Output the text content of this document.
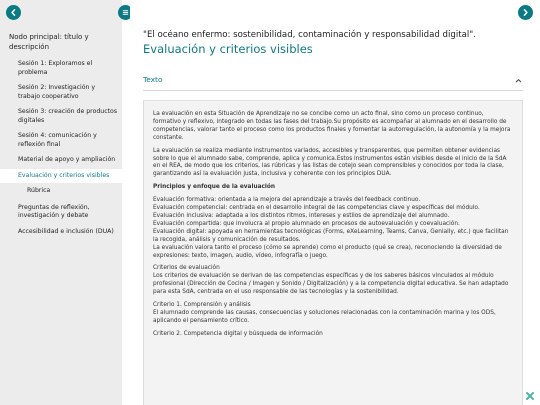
Nodo principal: título y descripción
Sesión 1: Exploramos el problema
Sesión 2: Investigación y trabajo cooperativo
Sesión 3: creación de productos digitales
Sesión 4: comunicación y reflexión final
Material de apoyo y ampliación
Evaluación y criterios visibles
Rúbrica
Preguntas de reflexión, investigación y debate
Accesibilidad e inclusión (DUA)
"El océano enfermo: sostenibilidad, contaminación y responsabilidad digital".
Evaluación y criterios visibles
Texto

La evaluación en esta Situación de Aprendizaje no se concibe como un acto final, sino como un proceso continuo, formativo y reflexivo, integrado en todas las fases del trabajo.Su propósito es acompañar al alumnado en el desarrollo de competencias, valorar tanto el proceso como los productos finales y fomentar la autorregulación, la autonomía y la mejora constante.

La evaluación se realiza mediante instrumentos variados, accesibles y transparentes, que permiten obtener evidencias sobre lo que el alumnado sabe, comprende, aplica y comunica.Estos instrumentos están visibles desde el inicio de la SdA en el REA, de modo que los criterios, las rúbricas y las listas de cotejo sean comprensibles y conocidos por toda la clase, garantizando así la evaluación justa, inclusiva y coherente con los principios DUA.

Principios y enfoque de la evaluación

Evaluación formativa: orientada a la mejora del aprendizaje a través del feedback continuo.

Evaluación competencial: centrada en el desarrollo integral de las competencias clave y específicas del módulo.

Evaluación inclusiva: adaptada a los distintos ritmos, intereses y estilos de aprendizaje del alumnado.

Evaluación compartida: que involucra al propio alumnado en procesos de autoevaluación y coevaluación.

Evaluación digital: apoyada en herramientas tecnológicas (Forms, eXeLearning, Teams, Canva, Genially, etc.) que facilitan la recogida, análisis y comunicación de resultados.

La evaluación valora tanto el proceso (cómo se aprende) como el producto (qué se crea), reconociendo la diversidad de expresiones: texto, imagen, audio, vídeo, infografía o juego.

Criterios de evaluación

Los criterios de evaluación se derivan de las competencias específicas y de los saberes básicos vinculados al módulo profesional (Dirección de Cocina / Imagen y Sonido / Digitalización) y a la competencia digital educativa. Se han adaptado para esta SdA, centrada en el uso responsable de las tecnologías y la sostenibilidad.

Criterio 1. Comprensión y análisis

El alumnado comprende las causas, consecuencias y soluciones relacionadas con la contaminación marina y los ODS, aplicando el pensamiento crítico.

Criterio 2. Competencia digital y búsqueda de información
